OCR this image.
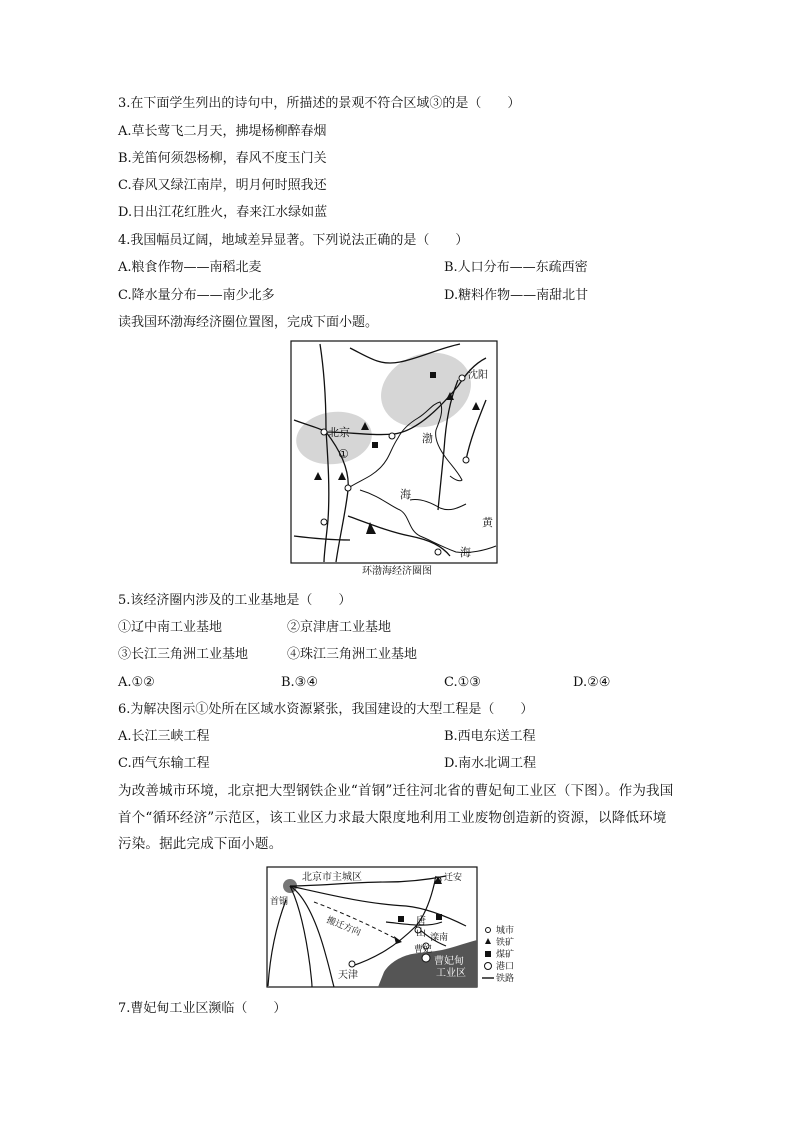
3.在下面学生列出的诗句中，所描述的景观不符合区域③的是（　　）
A.草长莺飞二月天，拂堤杨柳醉春烟
B.羌笛何须怨杨柳，春风不度玉门关
C.春风又绿江南岸，明月何时照我还
D.日出江花红胜火，春来江水绿如蓝
4.我国幅员辽阔，地域差异显著。下列说法正确的是（　　）
A.粮食作物——南稻北麦	B.人口分布——东疏西密
C.降水量分布——南少北多	D.糖料作物——南甜北甘
读我国环渤海经济圈位置图，完成下面小题。
北京
沈阳
渤
海
黄
海
①
环渤海经济圈图
5.该经济圈内涉及的工业基地是（　　）
①辽中南工业基地	②京津唐工业基地
③长江三角洲工业基地	④珠江三角洲工业基地
A.①②	B.③④	C.①③	D.②④
6.为解决图示①处所在区域水资源紧张，我国建设的大型工程是（　　）
A.长江三峡工程	B.西电东送工程
C.西气东输工程	D.南水北调工程
为改善城市环境，北京把大型钢铁企业“首钢”迁往河北省的曹妃甸工业区（下图）。作为我国首个“循环经济”示范区，该工业区力求最大限度地利用工业废物创造新的资源，以降低环境污染。据此完成下面小题。
北京市主城区
首钢
迁安
唐
山 滦南
曹妃
搬迁方向
天津
曹妃甸
工业区
城市
铁矿
煤矿
港口
铁路
7.曹妃甸工业区濒临（　　）
